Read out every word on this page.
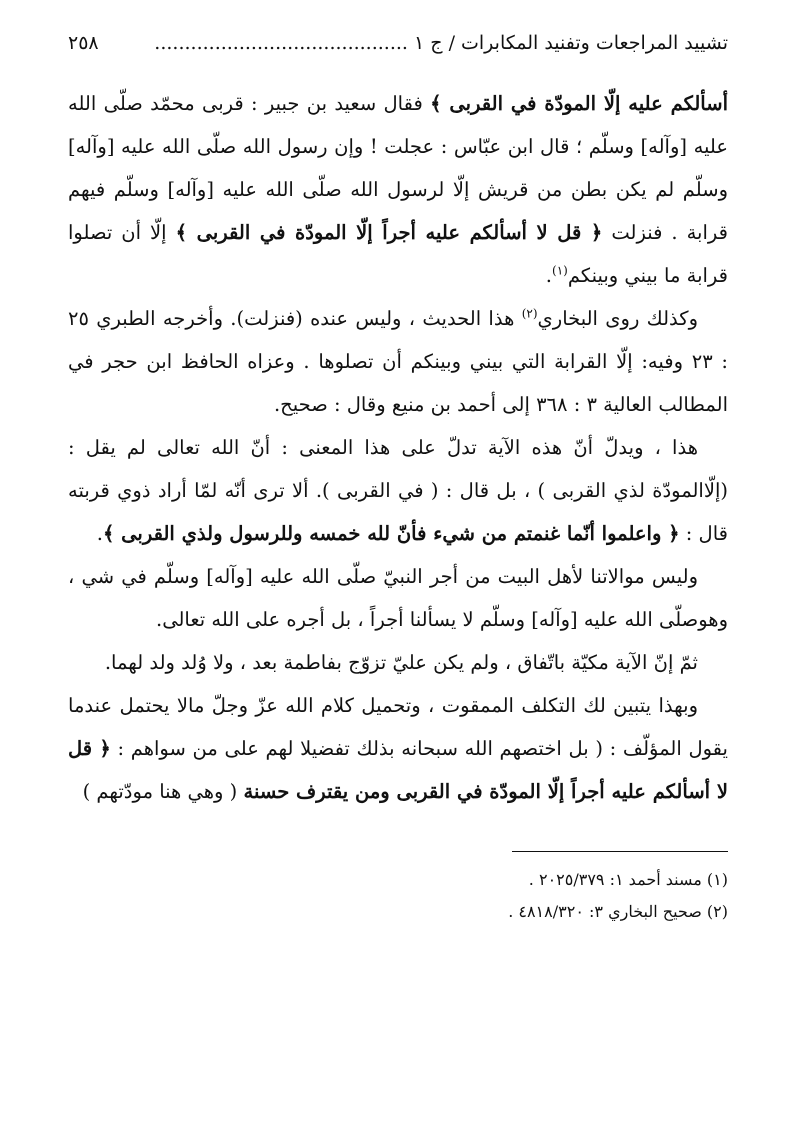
تشييد المراجعات وتفنيد المكابرات / ج ١ ..........................................
٢٥٨

أسألكم عليه إلّا المودّة في القربى ﴾ فقال سعيد بن جبير : قربى محمّد صلّى الله عليه [وآله] وسلّم ؛ قال ابن عبّاس : عجلت ! وإن رسول الله صلّى الله عليه [وآله] وسلّم لم يكن بطن من قريش إلّا لرسول الله صلّى الله عليه [وآله] وسلّم فيهم قرابة . فنزلت ﴿ قل لا أسألكم عليه أجراً إلّا المودّة في القربى ﴾ إلّا أن تصلوا قرابة ما بيني وبينكم$^{(١)}$.

وكذلك روى البخاري$^{(٢)}$ هذا الحديث ، وليس عنده (فنزلت). وأخرجه الطبري ٢٥ : ٢٣ وفيه: إلّا القرابة التي بيني وبينكم أن تصلوها . وعزاه الحافظ ابن حجر في المطالب العالية ٣ : ٣٦٨ إلى أحمد بن منيع وقال : صحيح.

هذا ، ويدلّ أنّ هذه الآية تدلّ على هذا المعنى : أنّ الله تعالى لم يقل : (إلّاالمودّة لذي القربى ) ، بل قال : ( في القربى ). ألا ترى أنّه لمّا أراد ذوي قربته قال : ﴿ واعلموا أنّما غنمتم من شيء فأنّ لله خمسه وللرسول ولذي القربى ﴾.

وليس موالاتنا لأهل البيت من أجر النبيّ صلّى الله عليه [وآله] وسلّم في شي ، وهوصلّى الله عليه [وآله] وسلّم لا يسألنا أجراً ، بل أجره على الله تعالى.

ثمّ إنّ الآية مكيّة باتّفاق ، ولم يكن عليّ تزوّج بفاطمة بعد ، ولا وُلد ولد لهما.

وبهذا يتبين لك التكلف الممقوت ، وتحميل كلام الله عزّ وجلّ مالا يحتمل عندما يقول المؤلّف : ( بل اختصهم الله سبحانه بذلك تفضيلا لهم على من سواهم : ﴿ قل لا أسألكم عليه أجراً إلّا المودّة في القربى ومن يقترف حسنة ( وهي هنا مودّتهم )

(١) مسند أحمد ١: ٢٠٢٥/٣٧٩ .
(٢) صحيح البخاري ٣: ٤٨١٨/٣٢٠ .
